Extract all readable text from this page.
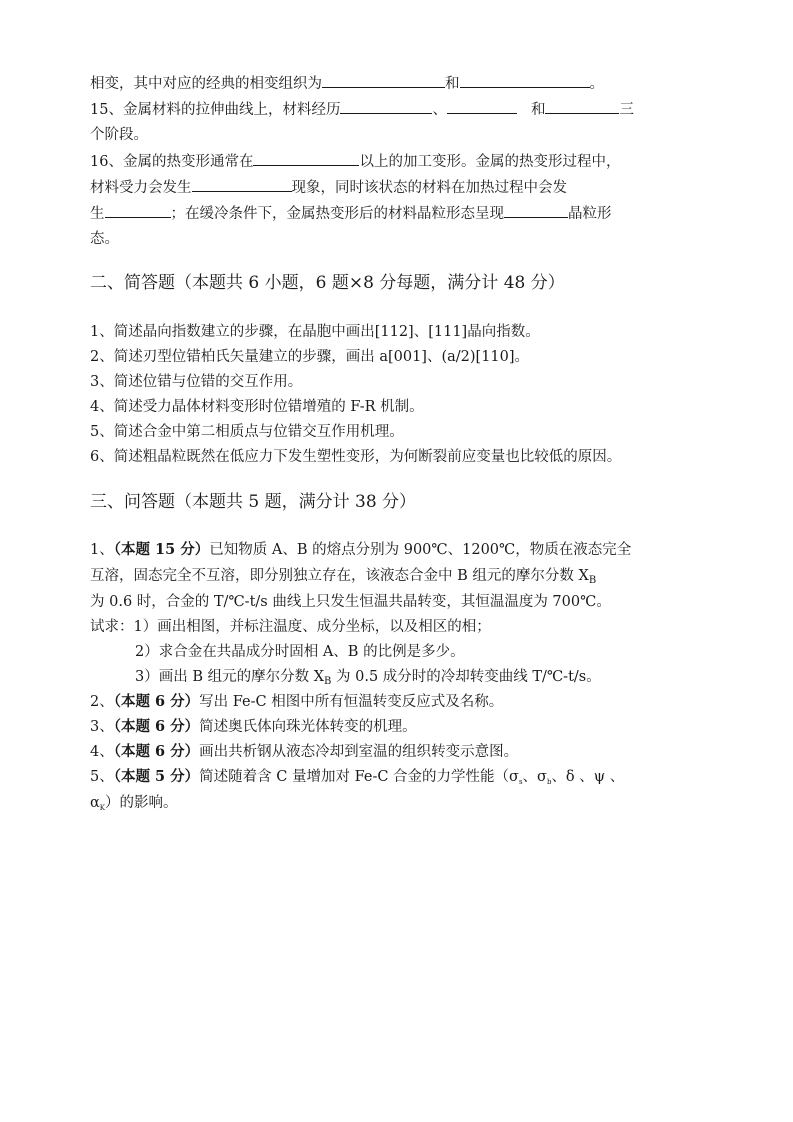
相变，其中对应的经典的相变组织为	和	。
15、金属材料的拉伸曲线上，材料经历	、	和	三
个阶段。
16、金属的热变形通常在	以上的加工变形。金属的热变形过程中，
材料受力会发生	现象，同时该状态的材料在加热过程中会发
生	；在缓冷条件下，金属热变形后的材料晶粒形态呈现	晶粒形
态。
二、简答题（本题共 6 小题，6 题×8 分每题，满分计 48 分）
1、简述晶向指数建立的步骤，在晶胞中画出[112]、[111]晶向指数。
2、简述刃型位错柏氏矢量建立的步骤，画出 a[001]、(a/2)[110]。
3、简述位错与位错的交互作用。
4、简述受力晶体材料变形时位错增殖的 F-R 机制。
5、简述合金中第二相质点与位错交互作用机理。
6、简述粗晶粒既然在低应力下发生塑性变形，为何断裂前应变量也比较低的原因。
三、问答题（本题共 5 题，满分计 38 分）
1、（本题 15 分）已知物质 A、B 的熔点分别为 900℃、1200℃，物质在液态完全
互溶，固态完全不互溶，即分别独立存在，该液态合金中 B 组元的摩尔分数 $X_B$
为 0.6 时，合金的 T/℃-t/s 曲线上只发生恒温共晶转变，其恒温温度为 700℃。
试求：1）画出相图，并标注温度、成分坐标，以及相区的相；
2）求合金在共晶成分时固相 A、B 的比例是多少。
3）画出 B 组元的摩尔分数 $X_B$ 为 0.5 成分时的冷却转变曲线 T/℃-t/s。
2、（本题 6 分）写出 Fe-C 相图中所有恒温转变反应式及名称。
3、（本题 6 分）简述奥氏体向珠光体转变的机理。
4、（本题 6 分）画出共析钢从液态冷却到室温的组织转变示意图。
5、（本题 5 分）简述随着含 C 量增加对 Fe-C 合金的力学性能（$\sigma_s$、$\sigma_b$、δ 、ψ 、
$\alpha_K$）的影响。
